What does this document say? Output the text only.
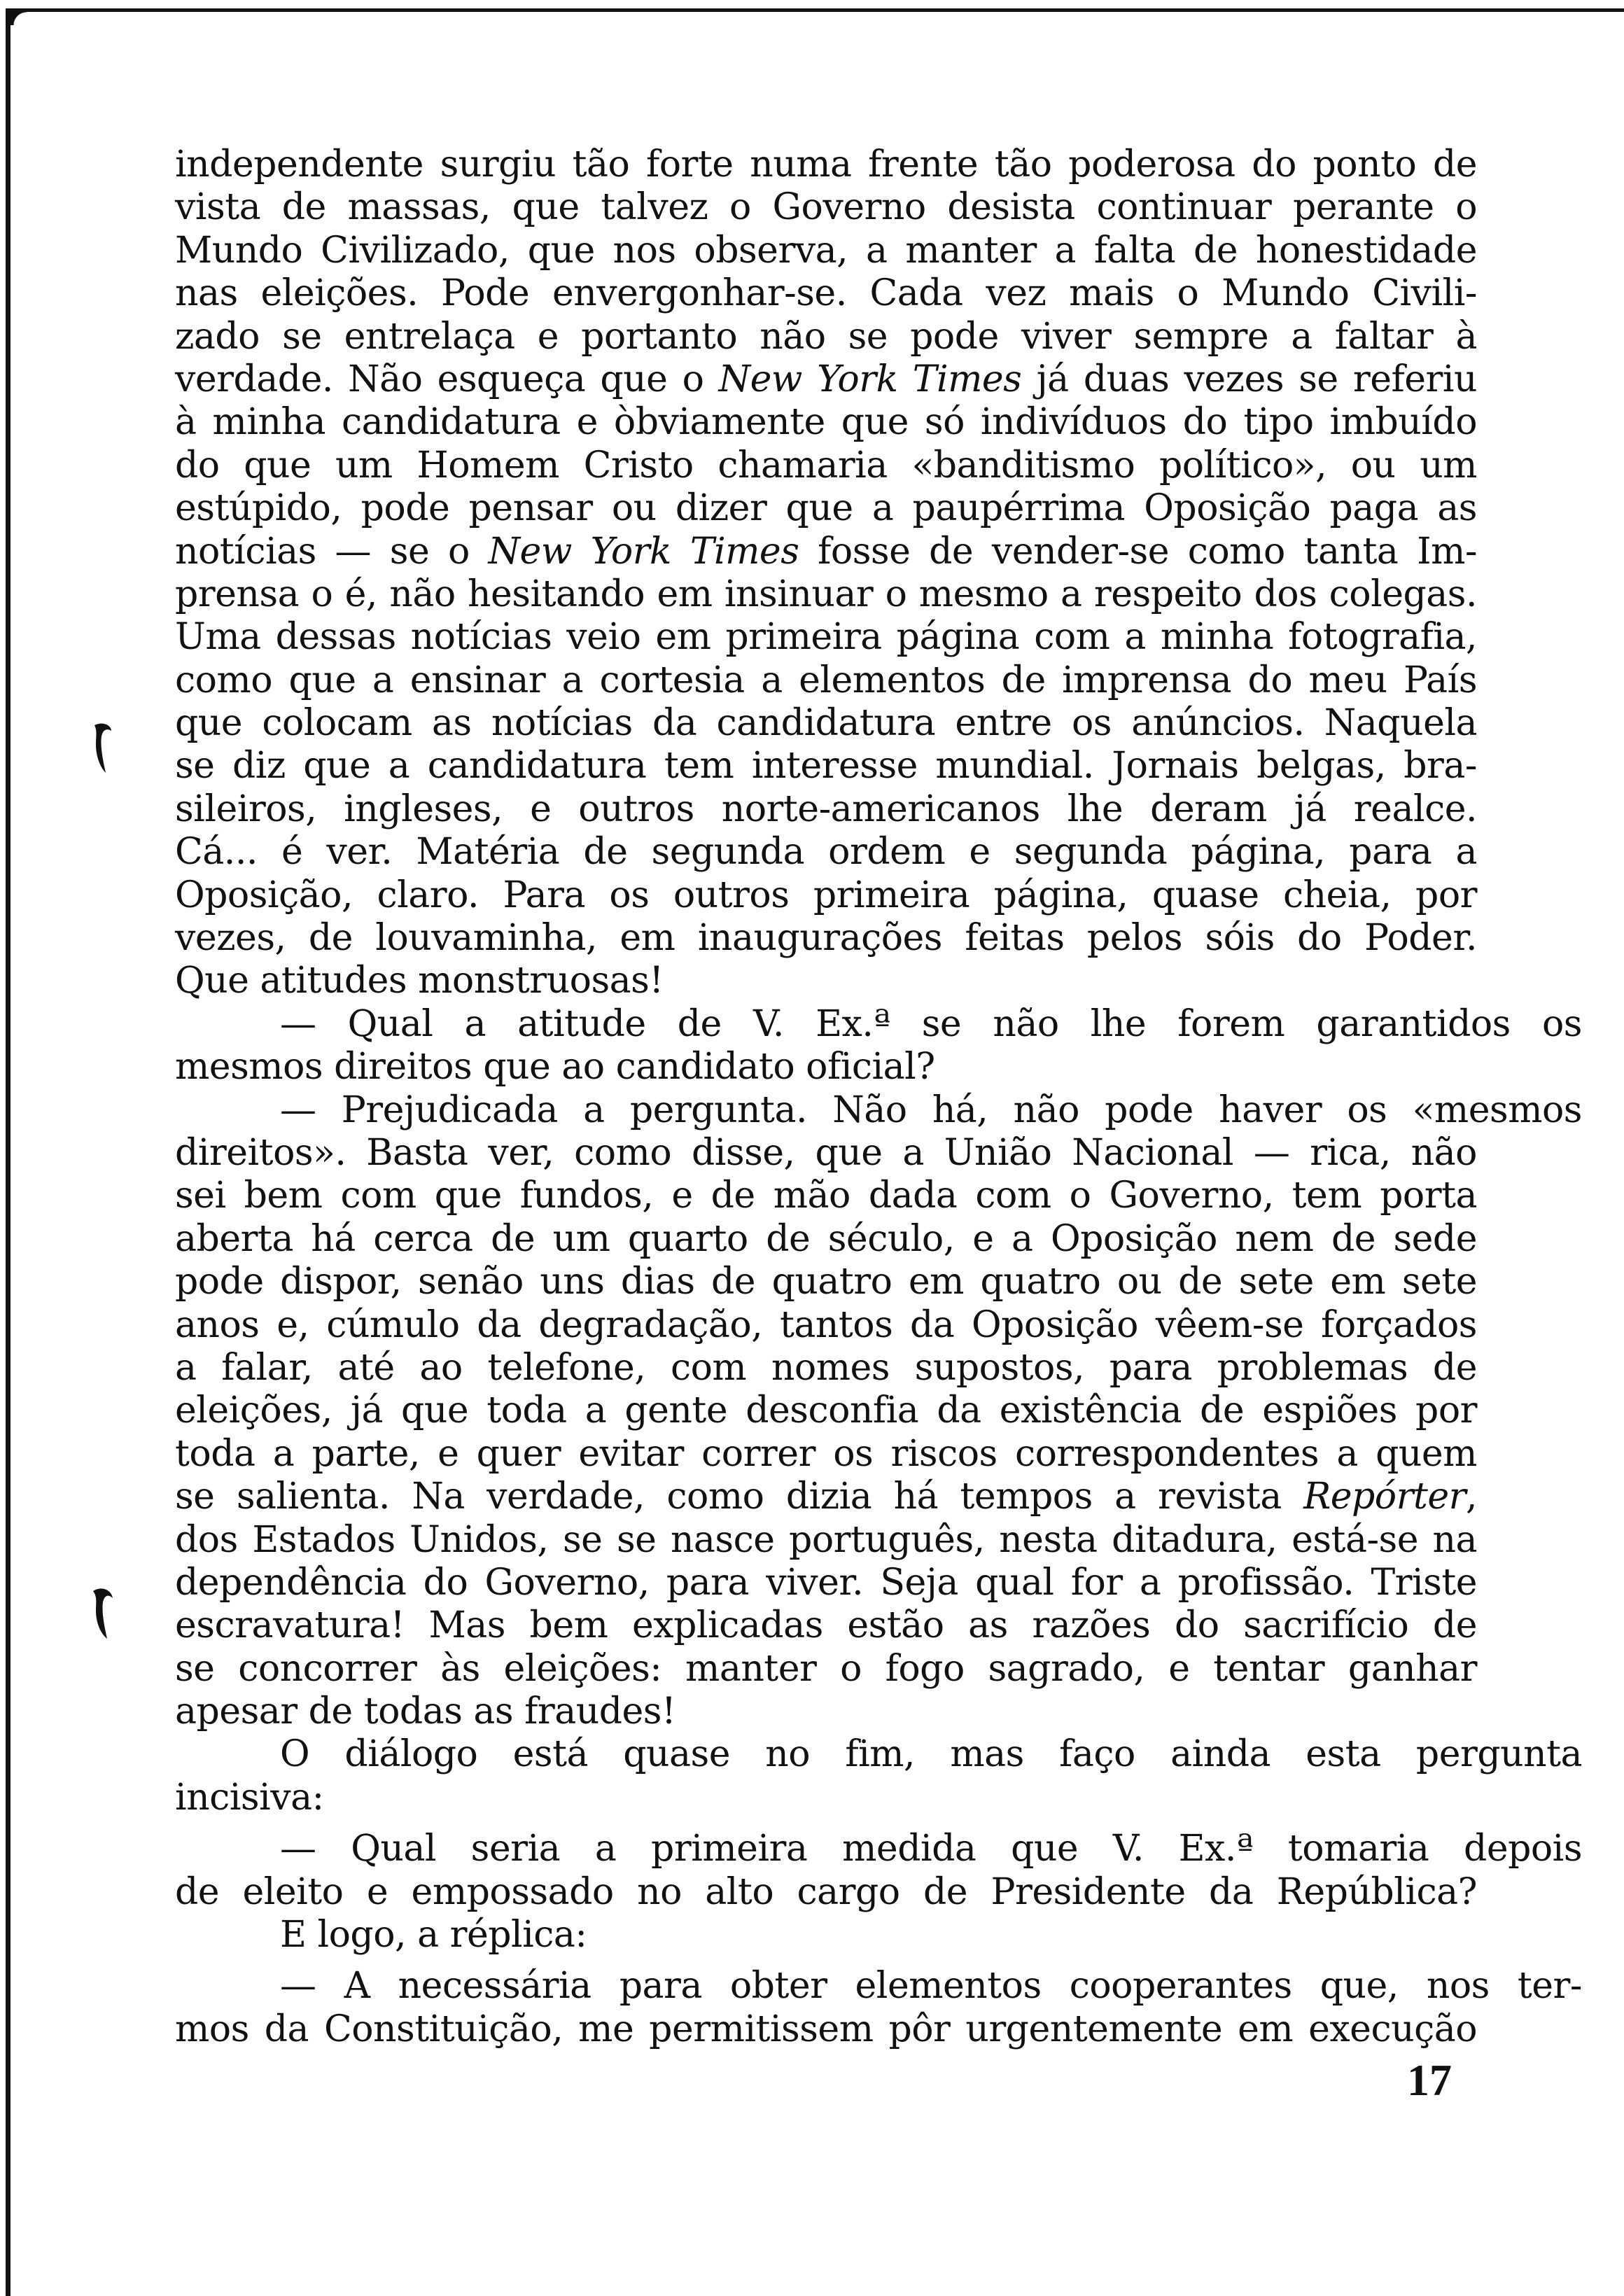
independente surgiu tão forte numa frente tão poderosa do ponto de
vista de massas, que talvez o Governo desista continuar perante o
Mundo Civilizado, que nos observa, a manter a falta de honestidade
nas eleições. Pode envergonhar-se. Cada vez mais o Mundo Civili-
zado se entrelaça e portanto não se pode viver sempre a faltar à
verdade. Não esqueça que o New York Times já duas vezes se referiu
à minha candidatura e òbviamente que só indivíduos do tipo imbuído
do que um Homem Cristo chamaria «banditismo político», ou um
estúpido, pode pensar ou dizer que a paupérrima Oposição paga as
notícias — se o New York Times fosse de vender-se como tanta Im-
prensa o é, não hesitando em insinuar o mesmo a respeito dos colegas.
Uma dessas notícias veio em primeira página com a minha fotografia,
como que a ensinar a cortesia a elementos de imprensa do meu País
que colocam as notícias da candidatura entre os anúncios. Naquela
se diz que a candidatura tem interesse mundial. Jornais belgas, bra-
sileiros, ingleses, e outros norte-americanos lhe deram já realce.
Cá... é ver. Matéria de segunda ordem e segunda página, para a
Oposição, claro. Para os outros primeira página, quase cheia, por
vezes, de louvaminha, em inaugurações feitas pelos sóis do Poder.
Que atitudes monstruosas!
— Qual a atitude de V. Ex.ª se não lhe forem garantidos os
mesmos direitos que ao candidato oficial?
— Prejudicada a pergunta. Não há, não pode haver os «mesmos
direitos». Basta ver, como disse, que a União Nacional — rica, não
sei bem com que fundos, e de mão dada com o Governo, tem porta
aberta há cerca de um quarto de século, e a Oposição nem de sede
pode dispor, senão uns dias de quatro em quatro ou de sete em sete
anos e, cúmulo da degradação, tantos da Oposição vêem-se forçados
a falar, até ao telefone, com nomes supostos, para problemas de
eleições, já que toda a gente desconfia da existência de espiões por
toda a parte, e quer evitar correr os riscos correspondentes a quem
se salienta. Na verdade, como dizia há tempos a revista Repórter,
dos Estados Unidos, se se nasce português, nesta ditadura, está-se na
dependência do Governo, para viver. Seja qual for a profissão. Triste
escravatura! Mas bem explicadas estão as razões do sacrifício de
se concorrer às eleições: manter o fogo sagrado, e tentar ganhar
apesar de todas as fraudes!
O diálogo está quase no fim, mas faço ainda esta pergunta
incisiva:
— Qual seria a primeira medida que V. Ex.ª tomaria depois
de eleito e empossado no alto cargo de Presidente da República?
E logo, a réplica:
— A necessária para obter elementos cooperantes que, nos ter-
mos da Constituição, me permitissem pôr urgentemente em execução
17
